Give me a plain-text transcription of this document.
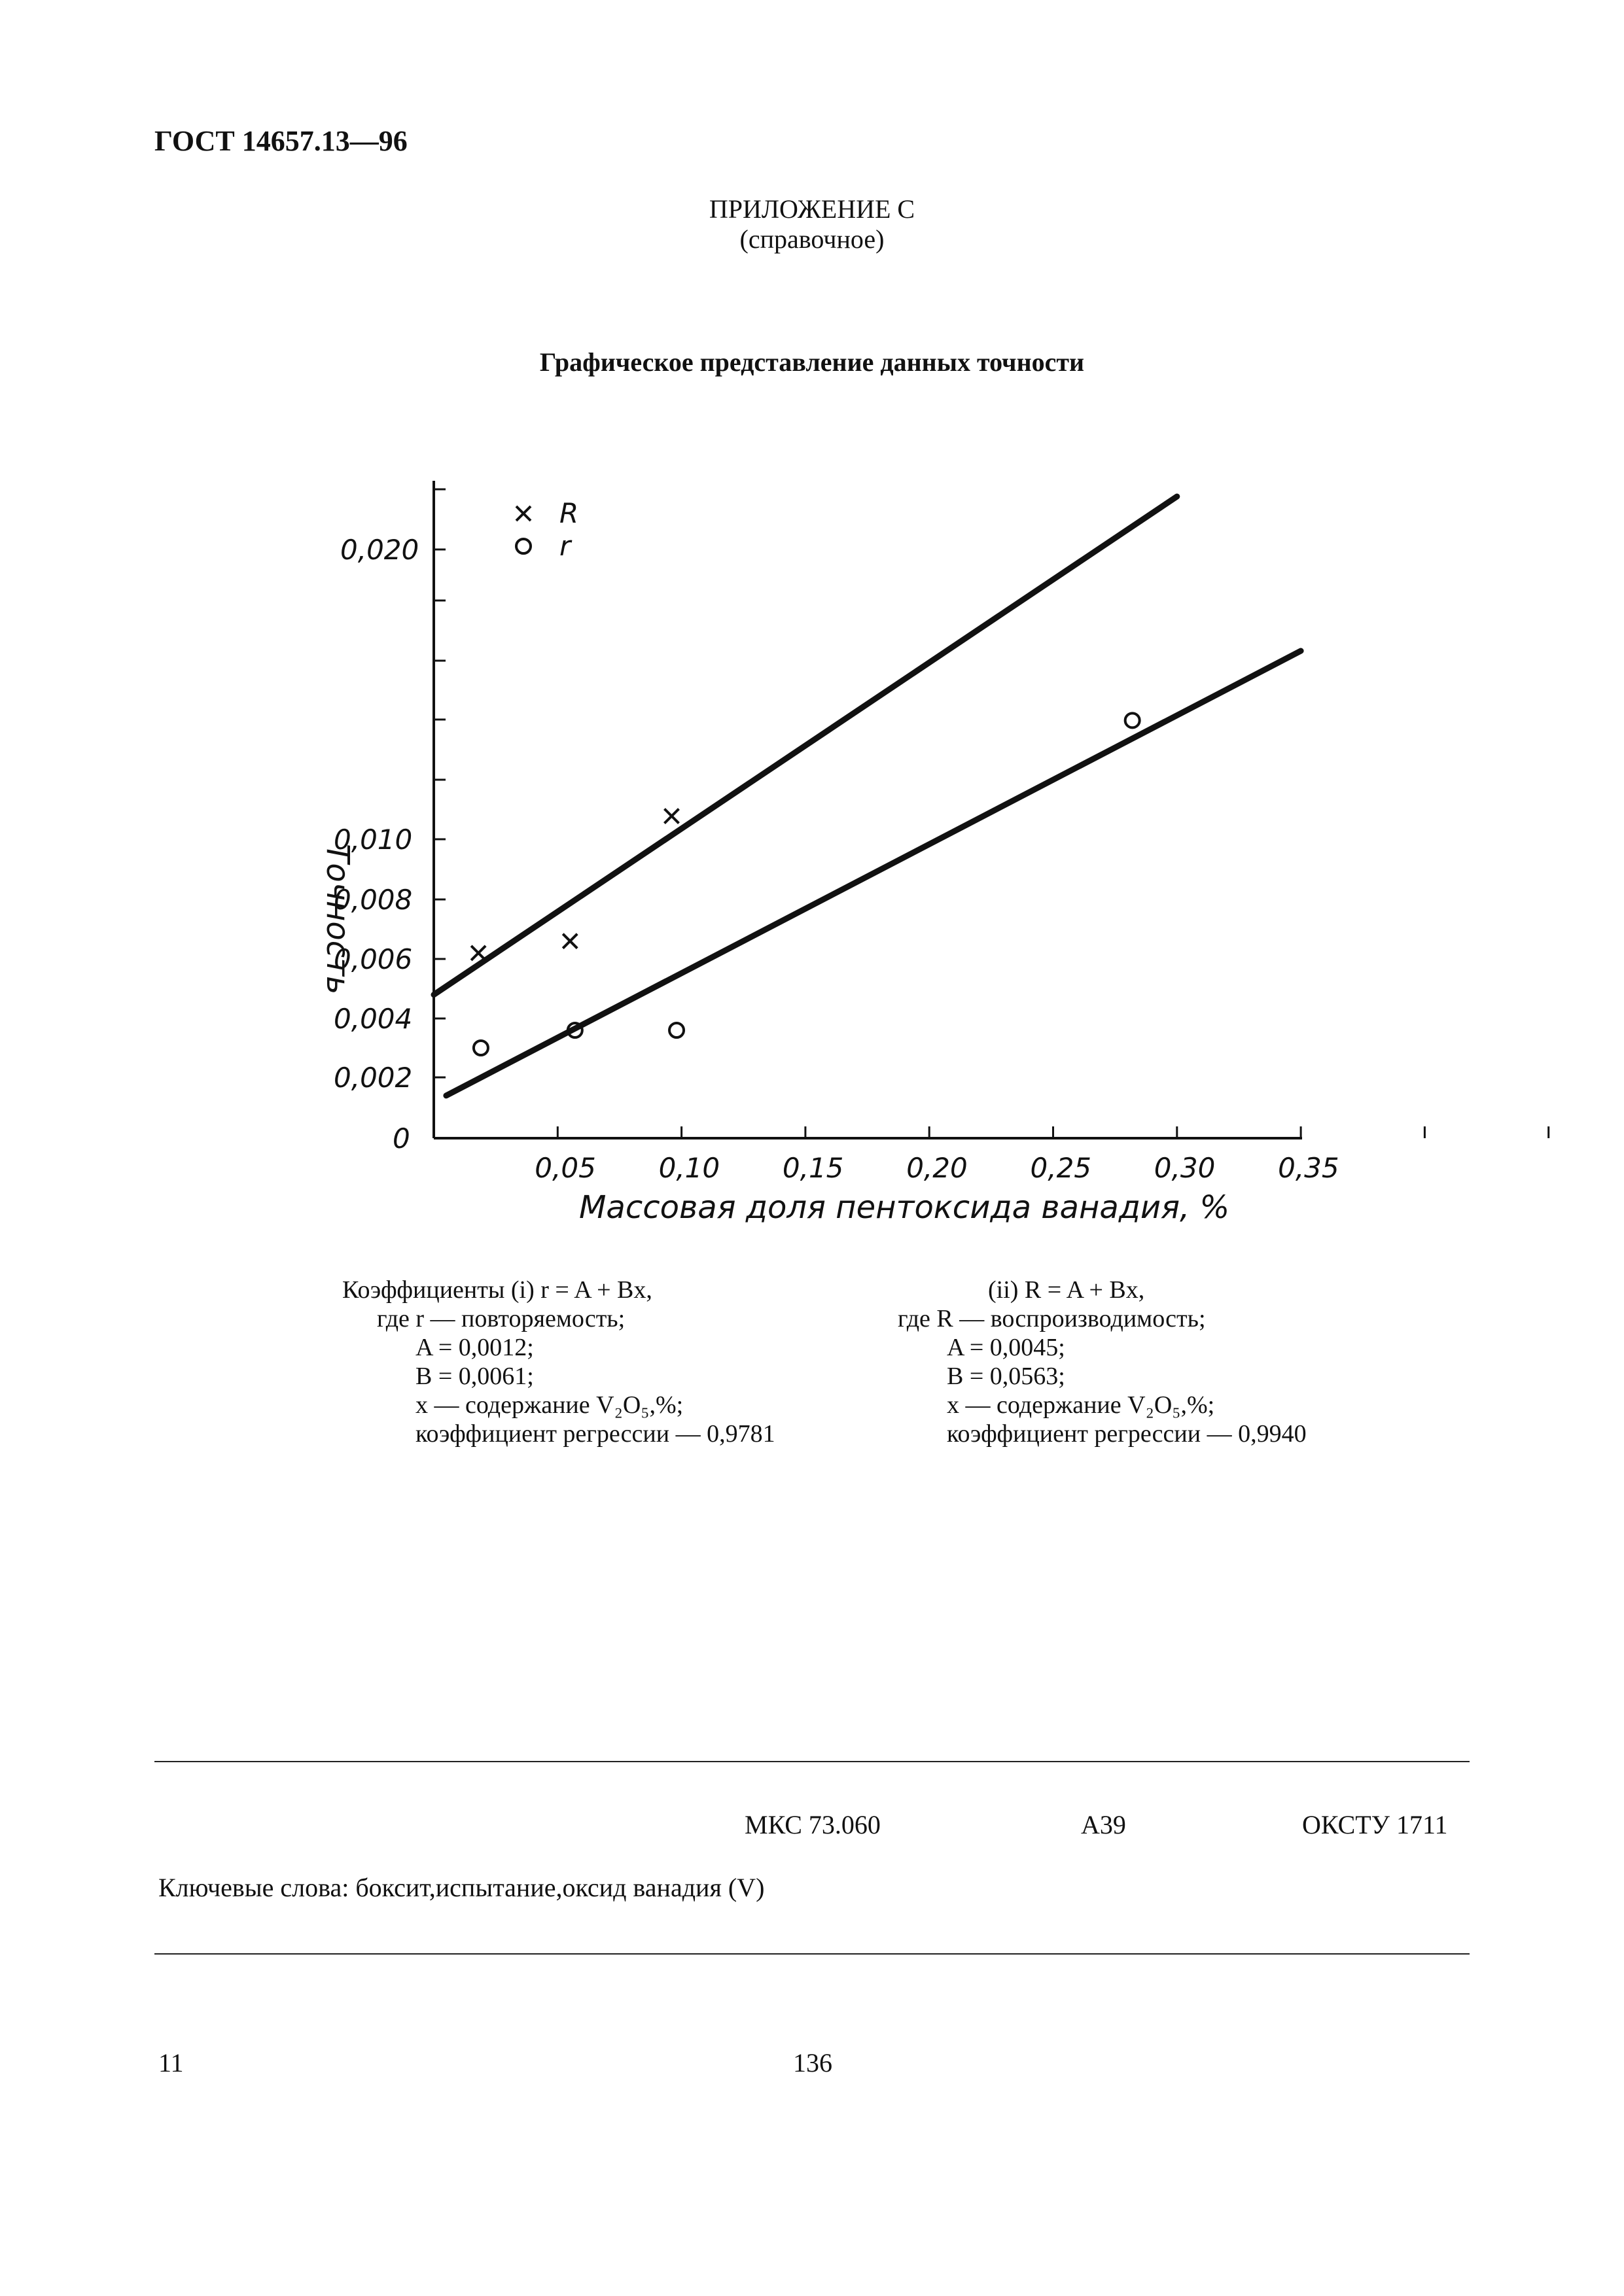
ГОСТ 14657.13—96
ПРИЛОЖЕНИЕ С
(справочное)
Графическое представление данных точности
0
0,002
0,004
0,006
0,008
0,010
0,020
0,05 0,10 0,15 0,20 0,25 0,30 0,35
R
r
Точность
Массовая доля пентоксида ванадия, %
Коэффициенты (i) r = A + Bx,
где r — повторяемость;
A = 0,0012;
B = 0,0061;
x — содержание V₂O₅,%;
коэффициент регрессии — 0,9781
(ii) R = A + Bx,
где R — воспроизводимость;
A = 0,0045;
B = 0,0563;
x — содержание V₂O₅,%;
коэффициент регрессии — 0,9940
МКС 73.060	А39	ОКСТУ 1711
Ключевые слова: боксит,испытание,оксид ванадия (V)
11	136
